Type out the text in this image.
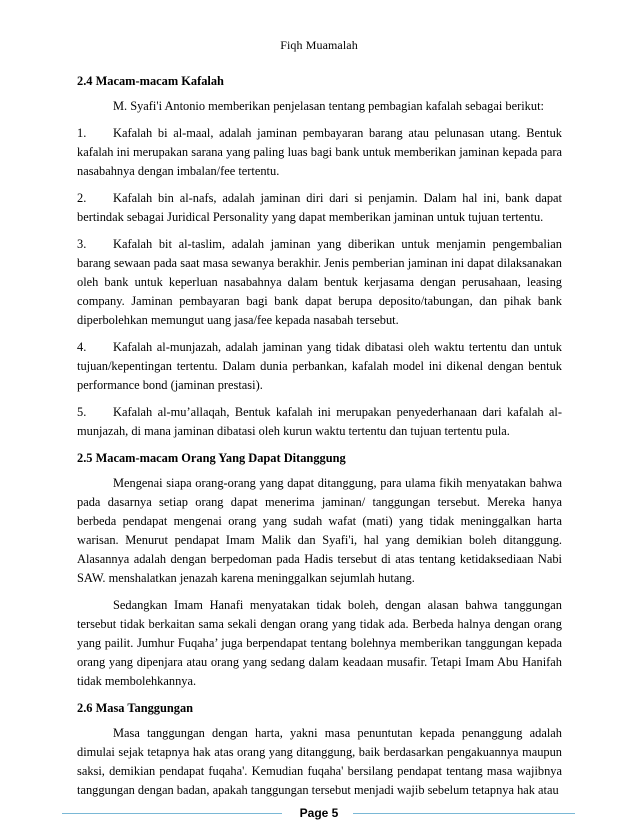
Fiqh Muamalah
2.4 Macam-macam Kafalah

M. Syafi'i Antonio memberikan penjelasan tentang pembagian kafalah sebagai berikut:

1. Kafalah bi al-maal, adalah jaminan pembayaran barang atau pelunasan utang. Bentuk kafalah ini merupakan sarana yang paling luas bagi bank untuk memberikan jaminan kepada para nasabahnya dengan imbalan/fee tertentu.

2. Kafalah bin al-nafs, adalah jaminan diri dari si penjamin. Dalam hal ini, bank dapat bertindak sebagai Juridical Personality yang dapat memberikan jaminan untuk tujuan tertentu.

3. Kafalah bit al-taslim, adalah jaminan yang diberikan untuk menjamin pengembalian barang sewaan pada saat masa sewanya berakhir. Jenis pemberian jaminan ini dapat dilaksanakan oleh bank untuk keperluan nasabahnya dalam bentuk kerjasama dengan perusahaan, leasing company. Jaminan pembayaran bagi bank dapat berupa deposito/tabungan, dan pihak bank diperbolehkan memungut uang jasa/fee kepada nasabah tersebut.

4. Kafalah al-munjazah, adalah jaminan yang tidak dibatasi oleh waktu tertentu dan untuk tujuan/kepentingan tertentu. Dalam dunia perbankan, kafalah model ini dikenal dengan bentuk performance bond (jaminan prestasi).

5. Kafalah al-mu’allaqah, Bentuk kafalah ini merupakan penyederhanaan dari kafalah al-munjazah, di mana jaminan dibatasi oleh kurun waktu tertentu dan tujuan tertentu pula.

2.5 Macam-macam Orang Yang Dapat Ditanggung

Mengenai siapa orang-orang yang dapat ditanggung, para ulama fikih menyatakan bahwa pada dasarnya setiap orang dapat menerima jaminan/ tanggungan tersebut. Mereka hanya berbeda pendapat mengenai orang yang sudah wafat (mati) yang tidak meninggalkan harta warisan. Menurut pendapat Imam Malik dan Syafi'i, hal yang demikian boleh ditanggung. Alasannya adalah dengan berpedoman pada Hadis tersebut di atas tentang ketidaksediaan Nabi SAW. menshalatkan jenazah karena meninggalkan sejumlah hutang.

Sedangkan Imam Hanafi menyatakan tidak boleh, dengan alasan bahwa tanggungan tersebut tidak berkaitan sama sekali dengan orang yang tidak ada. Berbeda halnya dengan orang yang pailit. Jumhur Fuqaha’ juga berpendapat tentang bolehnya memberikan tanggungan kepada orang yang dipenjara atau orang yang sedang dalam keadaan musafir. Tetapi Imam Abu Hanifah tidak membolehkannya.

2.6 Masa Tanggungan

Masa tanggungan dengan harta, yakni masa penuntutan kepada penanggung adalah dimulai sejak tetapnya hak atas orang yang ditanggung, baik berdasarkan pengakuannya maupun saksi, demikian pendapat fuqaha'. Kemudian fuqaha' bersilang pendapat tentang masa wajibnya tanggungan dengan badan, apakah tanggungan tersebut menjadi wajib sebelum tetapnya hak atau

Page 5
